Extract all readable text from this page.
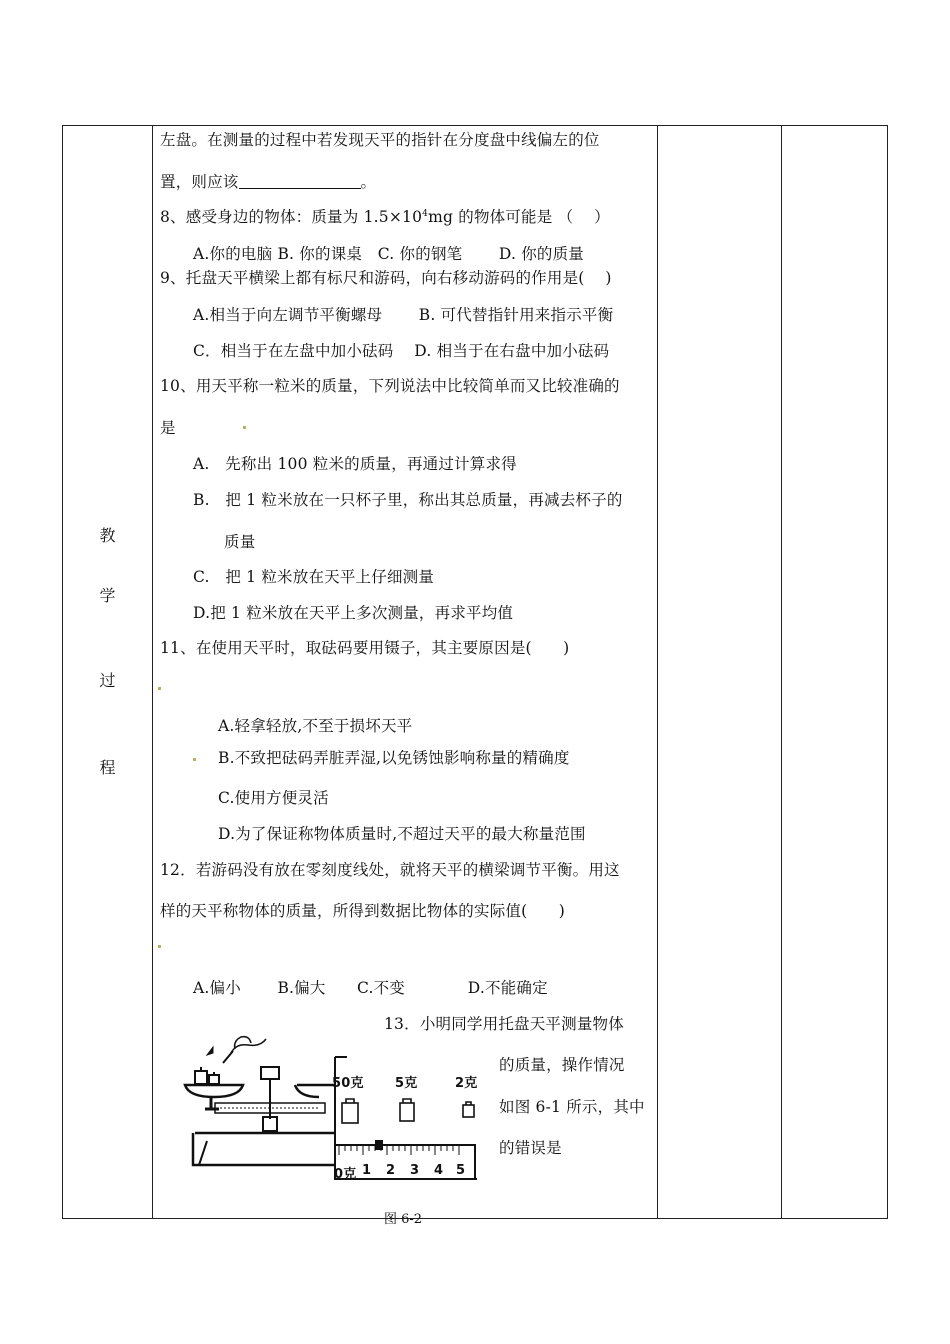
教
学
过
程
左盘。在测量的过程中若发现天平的指针在分度盘中线偏左的位
置，则应该	。
8、感受身边的物体：质量为 $1.5\times 10^4mg$ 的物体可能是 （　 ）
A.你的电脑 B. 你的课桌　C. 你的钢笔　　 D. 你的质量
9、托盘天平横梁上都有标尺和游码，向右移动游码的作用是(　 )
A.相当于向左调节平衡螺母　　 B. 可代替指针用来指示平衡
C．相当于在左盘中加小砝码　 D. 相当于在右盘中加小砝码
10、用天平称一粒米的质量，下列说法中比较简单而又比较准确的
是
A.　先称出 100 粒米的质量，再通过计算求得
B.　把 1 粒米放在一只杯子里，称出其总质量，再减去杯子的
质量
C.　把 1 粒米放在天平上仔细测量
D.把 1 粒米放在天平上多次测量，再求平均值
11、在使用天平时，取砝码要用镊子，其主要原因是(　　)
A.轻拿轻放,不至于损坏天平
B.不致把砝码弄脏弄湿,以免锈蚀影响称量的精确度
C.使用方便灵活
D.为了保证称物体质量时,不超过天平的最大称量范围
12．若游码没有放在零刻度线处，就将天平的横梁调节平衡。用这
样的天平称物体的质量，所得到数据比物体的实际值(　　)
A.偏小　　 B.偏大　　C.不变　　　　D.不能确定
13．小明同学用托盘天平测量物体
的质量，操作情况
如图 6-1 所示，其中
的错误是
50克 5克	2克
0克 1 2 3 4 5
图 6-2
